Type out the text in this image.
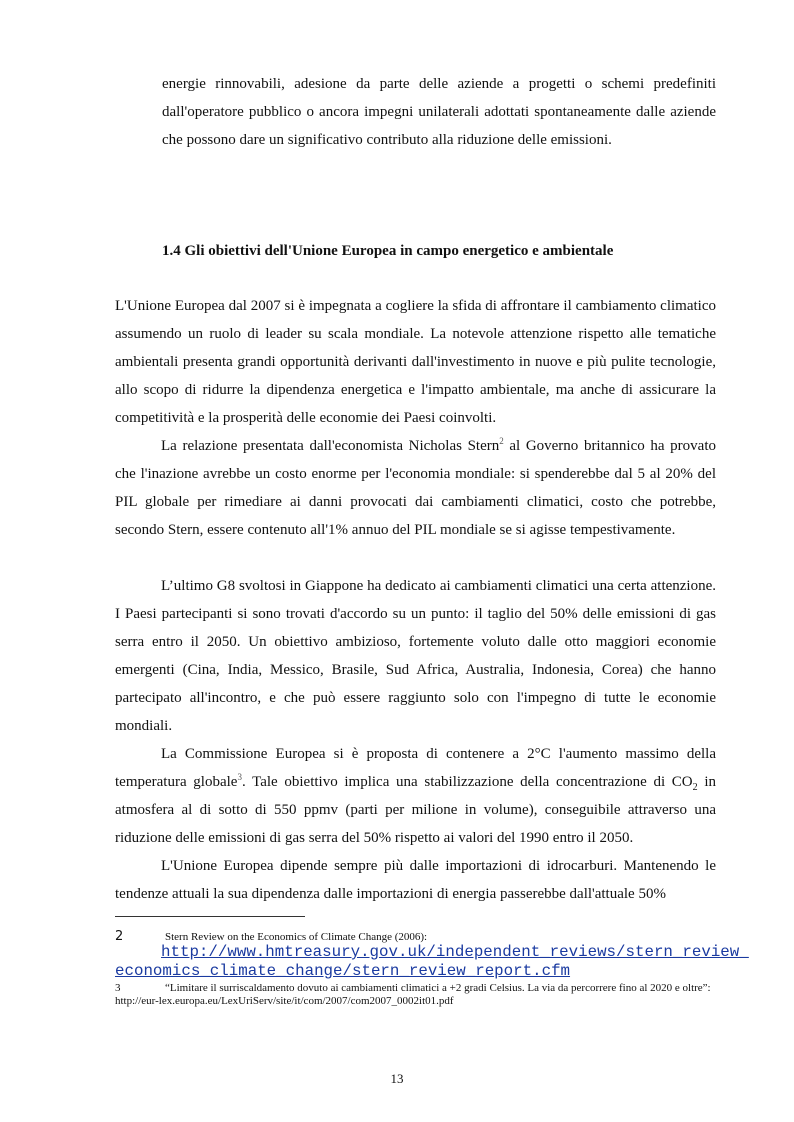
energie rinnovabili, adesione da parte delle aziende a progetti o schemi predefiniti dall'operatore pubblico o ancora impegni unilaterali adottati spontaneamente dalle aziende che possono dare un significativo contributo alla riduzione delle emissioni.

1.4 Gli obiettivi dell'Unione Europea in campo energetico e ambientale

L'Unione Europea dal 2007 si è impegnata a cogliere la sfida di affrontare il cambiamento climatico assumendo un ruolo di leader su scala mondiale. La notevole attenzione rispetto alle tematiche ambientali presenta grandi opportunità derivanti dall'investimento in nuove e più pulite tecnologie, allo scopo di ridurre la dipendenza energetica e l'impatto ambientale, ma anche di assicurare la competitività e la prosperità delle economie dei Paesi coinvolti.

La relazione presentata dall'economista Nicholas Stern$^2$ al Governo britannico ha provato che l'inazione avrebbe un costo enorme per l'economia mondiale: si spenderebbe dal 5 al 20% del PIL globale per rimediare ai danni provocati dai cambiamenti climatici, costo che potrebbe, secondo Stern, essere contenuto all'1% annuo del PIL mondiale se si agisse tempestivamente.

L’ultimo G8 svoltosi in Giappone ha dedicato ai cambiamenti climatici una certa attenzione. I Paesi partecipanti si sono trovati d'accordo su un punto: il taglio del 50% delle emissioni di gas serra entro il 2050. Un obiettivo ambizioso, fortemente voluto dalle otto maggiori economie emergenti (Cina, India, Messico, Brasile, Sud Africa, Australia, Indonesia, Corea) che hanno partecipato all'incontro, e che può essere raggiunto solo con l'impegno di tutte le economie mondiali.

La Commissione Europea si è proposta di contenere a 2°C l'aumento massimo della temperatura globale$^3$. Tale obiettivo implica una stabilizzazione della concentrazione di $CO_2$ in atmosfera al di sotto di 550 ppmv (parti per milione in volume), conseguibile attraverso una riduzione delle emissioni di gas serra del 50% rispetto ai valori del 1990 entro il 2050.

L'Unione Europea dipende sempre più dalle importazioni di idrocarburi. Mantenendo le tendenze attuali la sua dipendenza dalle importazioni di energia passerebbe dall'attuale 50%

2	Stern Review on the Economics of Climate Change (2006):
http://www.hmtreasury.gov.uk/independent_reviews/stern_review_economics_climate_change/stern_review_report.cfm
3	“Limitare il surriscaldamento dovuto ai cambiamenti climatici a +2 gradi Celsius. La via da percorrere fino al 2020 e oltre”: http://eur-lex.europa.eu/LexUriServ/site/it/com/2007/com2007_0002it01.pdf
13
